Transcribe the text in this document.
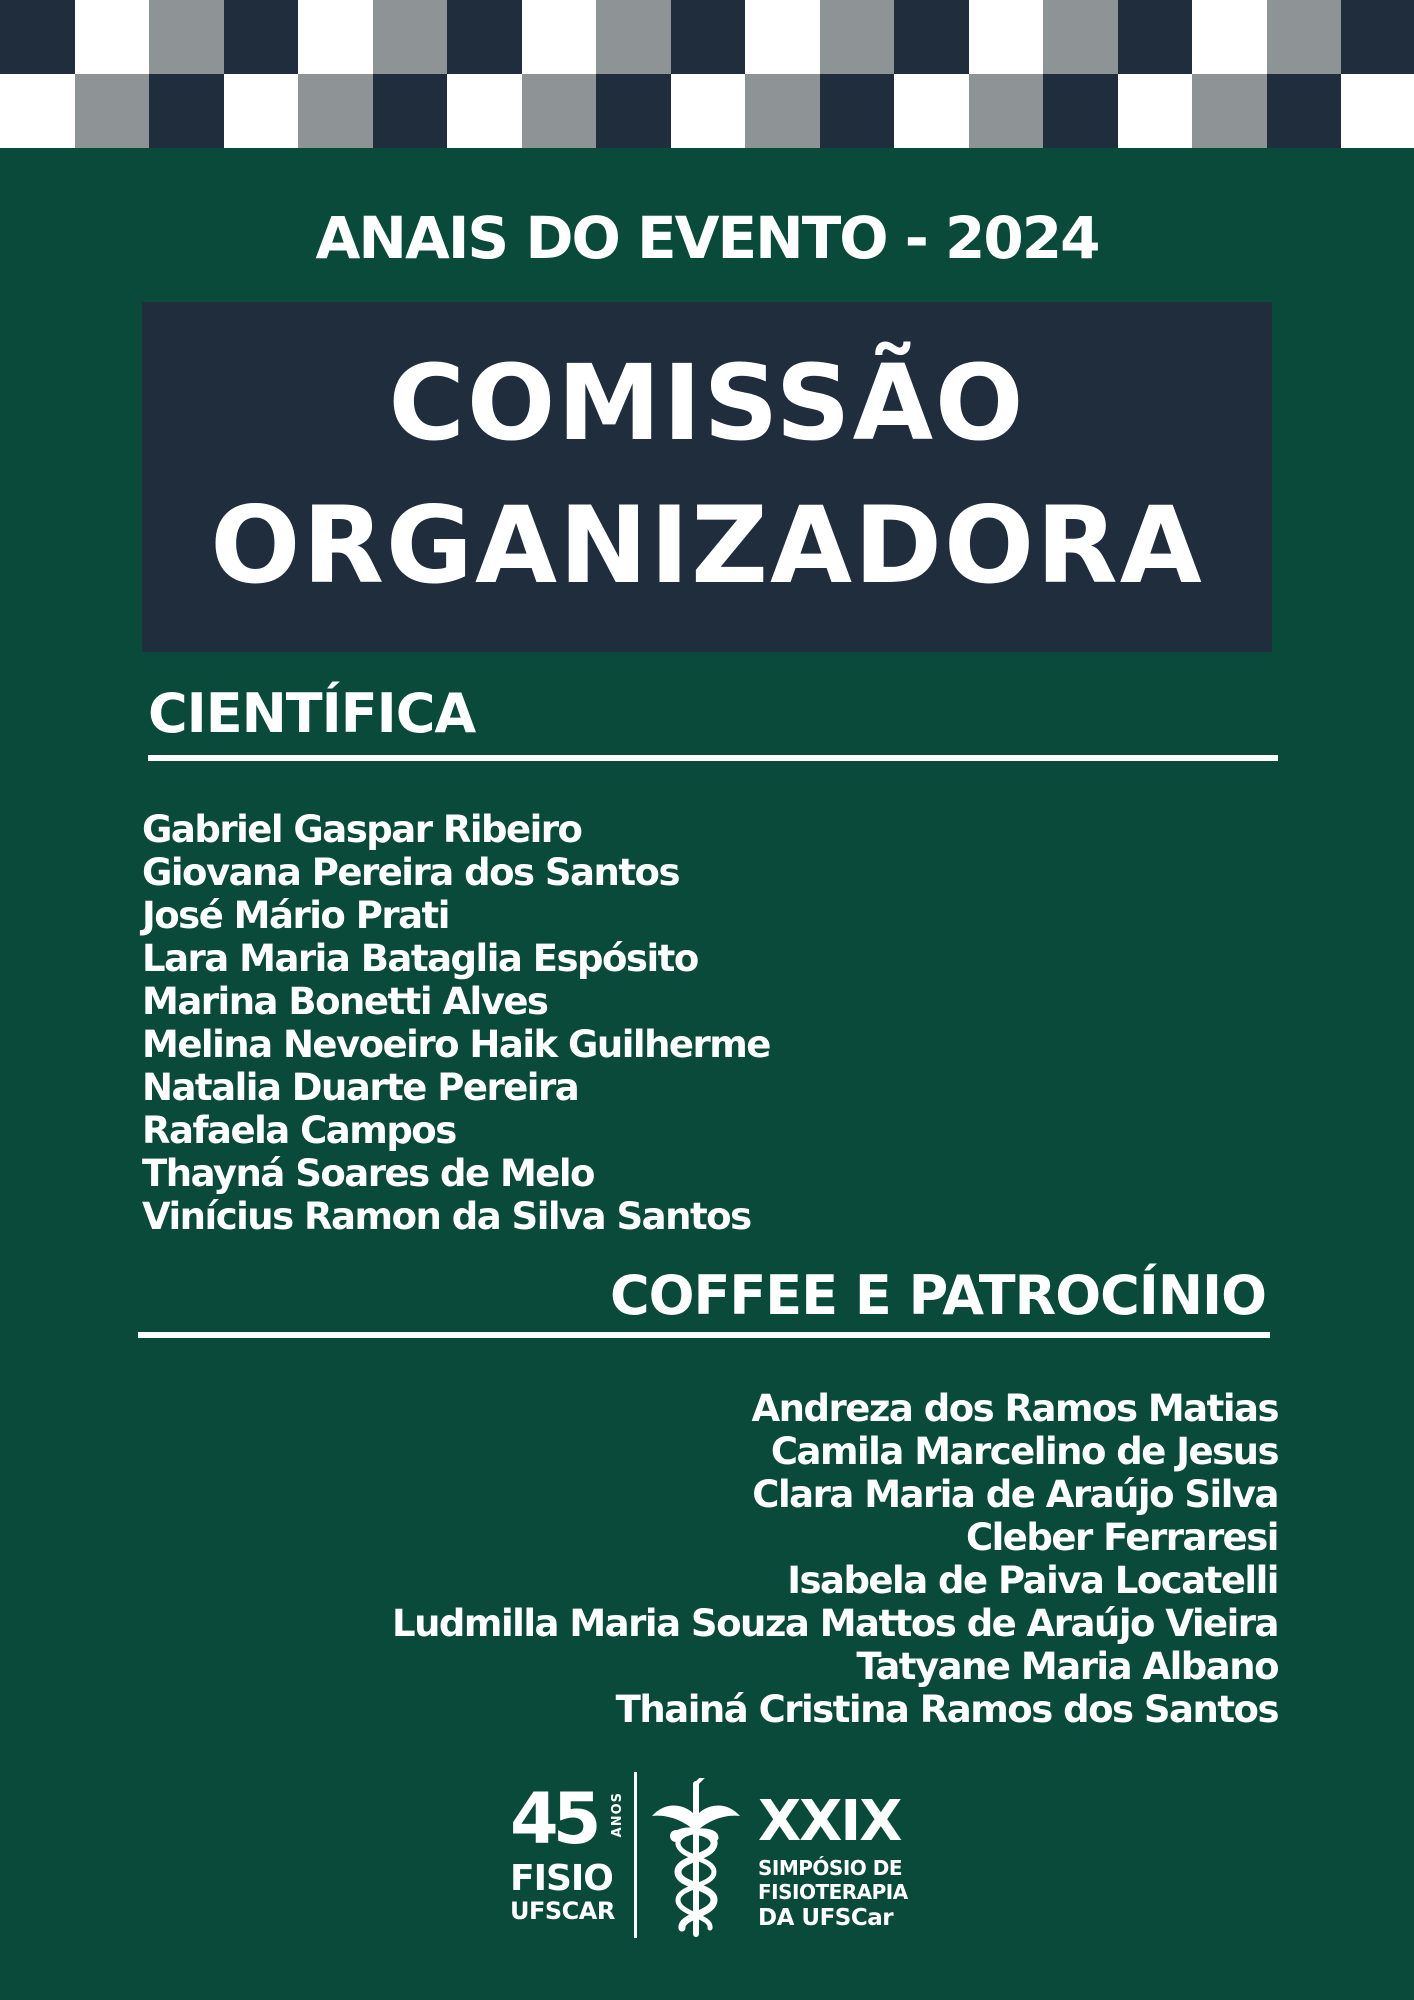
ANAIS DO EVENTO - 2024
COMISSÃO
ORGANIZADORA
CIENTÍFICA
Gabriel Gaspar Ribeiro
Giovana Pereira dos Santos
José Mário Prati
Lara Maria Bataglia Espósito
Marina Bonetti Alves
Melina Nevoeiro Haik Guilherme
Natalia Duarte Pereira
Rafaela Campos
Thayná Soares de Melo
Vinícius Ramon da Silva Santos
COFFEE E PATROCÍNIO
Andreza dos Ramos Matias
Camila Marcelino de Jesus
Clara Maria de Araújo Silva
Cleber Ferraresi
Isabela de Paiva Locatelli
Ludmilla Maria Souza Mattos de Araújo Vieira
Tatyane Maria Albano
Thainá Cristina Ramos dos Santos
45 ANOS
FISIO
UFSCAR
XXIX
SIMPÓSIO DE
FISIOTERAPIA
DA UFSCar
